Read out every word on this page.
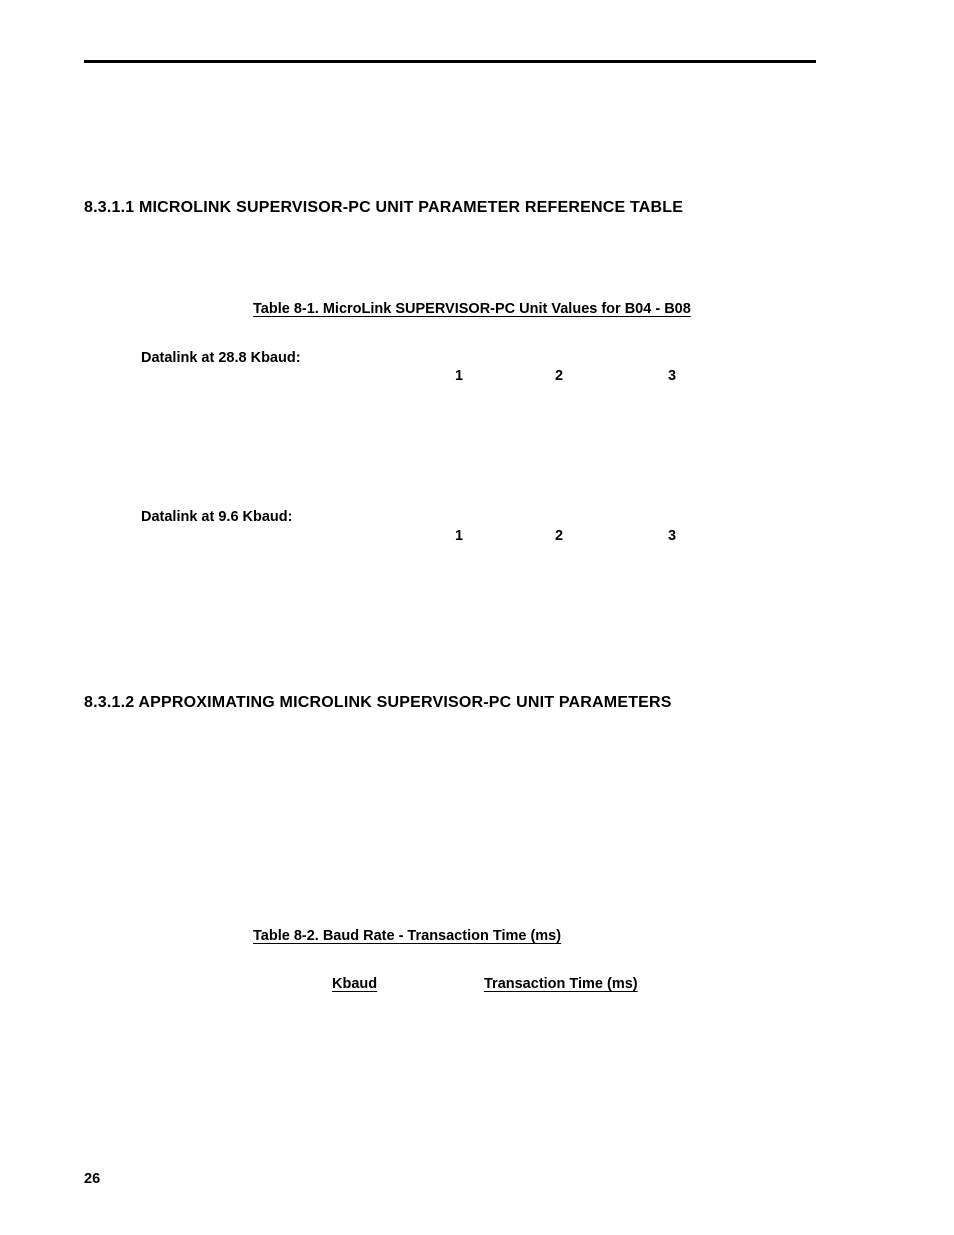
8.3.1.1 MICROLINK SUPERVISOR-PC UNIT PARAMETER REFERENCE TABLE
Table 8-1. MicroLink SUPERVISOR-PC Unit Values for B04 - B08
Datalink at 28.8 Kbaud:
1	2	3
Datalink at 9.6 Kbaud:
1	2	3
8.3.1.2 APPROXIMATING MICROLINK SUPERVISOR-PC UNIT PARAMETERS
Table 8-2. Baud Rate - Transaction Time (ms)
Kbaud	Transaction Time (ms)
26
